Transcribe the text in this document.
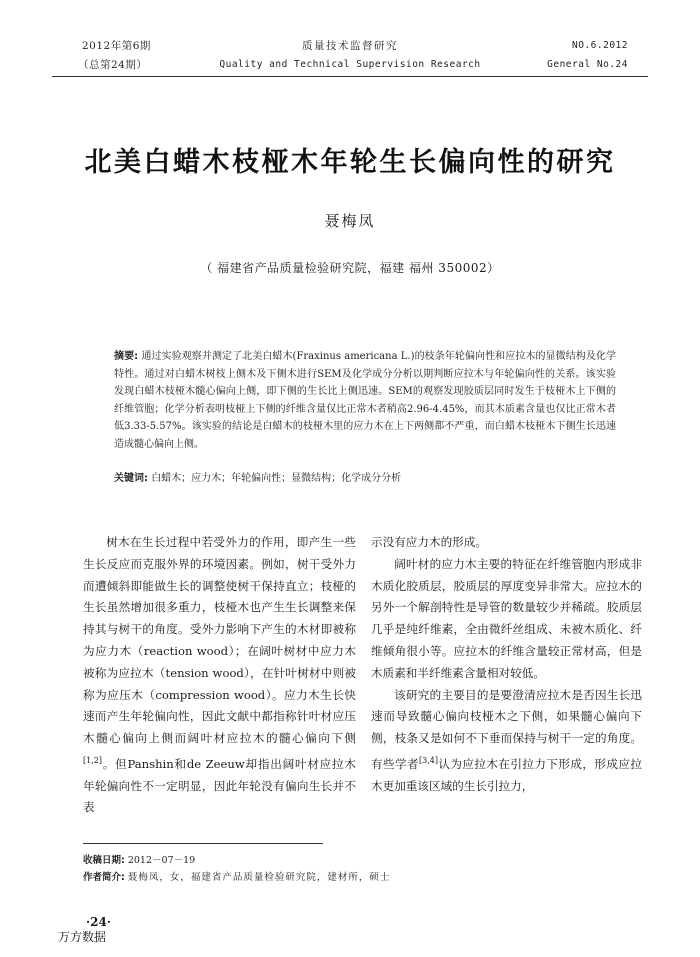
2012年第6期
（总第24期）
质量技术监督研究
Quality and Technical Supervision Research
NO.6.2012
General No.24
北美白蜡木枝桠木年轮生长偏向性的研究
聂梅凤
（ 福建省产品质量检验研究院，福建 福州 350002）
摘要: 通过实验观察并测定了北美白蜡木(Fraxinus americana L.)的枝条年轮偏向性和应拉木的显微结构及化学特性。通过对白蜡木树枝上侧木及下侧木进行SEM及化学成分分析以期判断应拉木与年轮偏向性的关系。该实验发现白蜡木枝桠木髓心偏向上侧，即下侧的生长比上侧迅速。SEM的观察发现胶质层同时发生于枝桠木上下侧的纤维管胞；化学分析表明枝桠上下侧的纤维含量仅比正常木者稍高2.96-4.45%，而其木质素含量也仅比正常木者低3.33-5.57%。该实验的结论是白蜡木的枝桠木里的应力木在上下两侧都不严重，而白蜡木枝桠木下侧生长迅速造成髓心偏向上侧。
关键词: 白蜡木；应力木；年轮偏向性；显微结构；化学成分分析

树木在生长过程中若受外力的作用，即产生一些生长反应而克服外界的环境因素。例如，树干受外力而遭倾斜即能做生长的调整使树干保持直立；枝桠的生长虽然增加很多重力，枝桠木也产生生长调整来保持其与树干的角度。受外力影响下产生的木材即被称为应力木（reaction wood）；在阔叶树材中应力木被称为应拉木（tension wood），在针叶树材中则被称为应压木（compression wood）。应力木生长快速而产生年轮偏向性，因此文献中都指称针叶材应压木髓心偏向上侧而阔叶材应拉木的髓心偏向下侧[1,2]。但Panshin和de Zeeuw却指出阔叶材应拉木年轮偏向性不一定明显，因此年轮没有偏向生长并不表

示没有应力木的形成。

阔叶材的应力木主要的特征在纤维管胞内形成非木质化胶质层，胶质层的厚度变异非常大。应拉木的另外一个解剖特性是导管的数量较少并稀疏。胶质层几乎是纯纤维素，全由微纤丝组成、未被木质化、纤维倾角很小等。应拉木的纤维含量较正常材高，但是木质素和半纤维素含量相对较低。

该研究的主要目的是要澄清应拉木是否因生长迅速而导致髓心偏向枝桠木之下侧，如果髓心偏向下侧，枝条又是如何不下垂而保持与树干一定的角度。有些学者[3,4]认为应拉木在引拉力下形成，形成应拉木更加重该区域的生长引拉力，

收稿日期: 2012－07－19
作者简介: 聂梅凤，女，福建省产品质量检验研究院，建材所，硕士
·24·
万方数据
